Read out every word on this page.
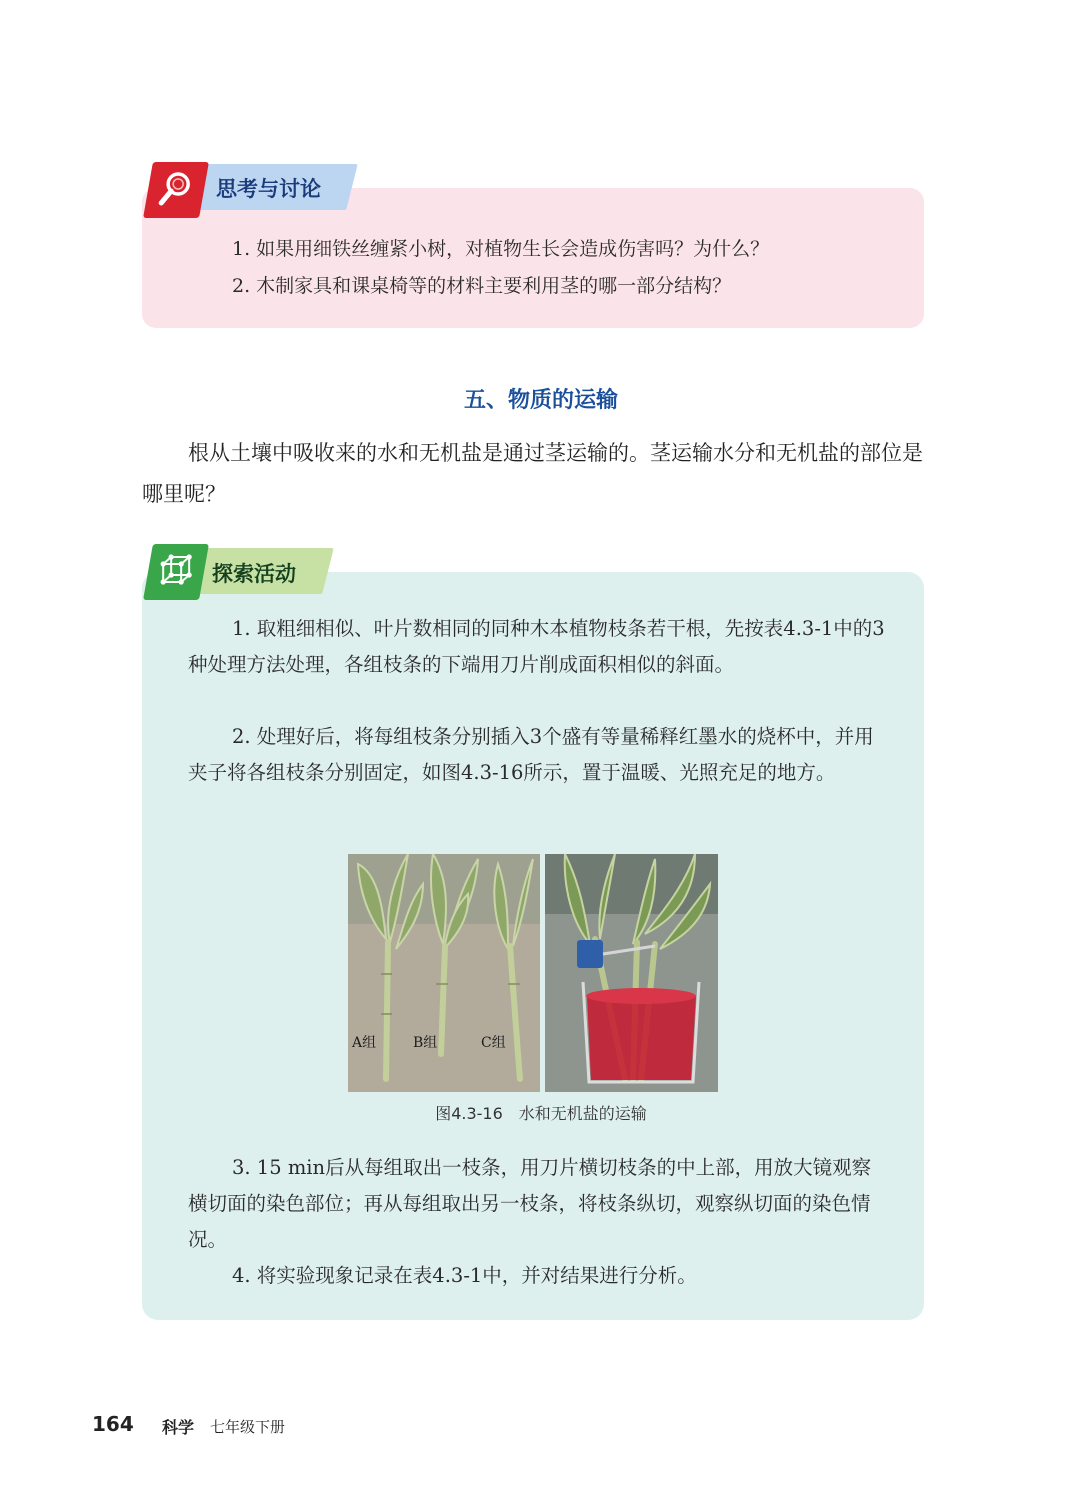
思考与讨论
1. 如果用细铁丝缠紧小树，对植物生长会造成伤害吗？为什么？
2. 木制家具和课桌椅等的材料主要利用茎的哪一部分结构？
五、物质的运输
根从土壤中吸收来的水和无机盐是通过茎运输的。茎运输水分和无机盐的部位是哪里呢？
探索活动
1. 取粗细相似、叶片数相同的同种木本植物枝条若干根，先按表4.3-1中的3种处理方法处理，各组枝条的下端用刀片削成面积相似的斜面。
2. 处理好后，将每组枝条分别插入3个盛有等量稀释红墨水的烧杯中，并用夹子将各组枝条分别固定，如图4.3-16所示，置于温暖、光照充足的地方。
A组	B组	C组
图4.3-16　水和无机盐的运输
3. 15 min后从每组取出一枝条，用刀片横切枝条的中上部，用放大镜观察横切面的染色部位；再从每组取出另一枝条，将枝条纵切，观察纵切面的染色情况。
4. 将实验现象记录在表4.3-1中，并对结果进行分析。
164 科学 七年级下册
